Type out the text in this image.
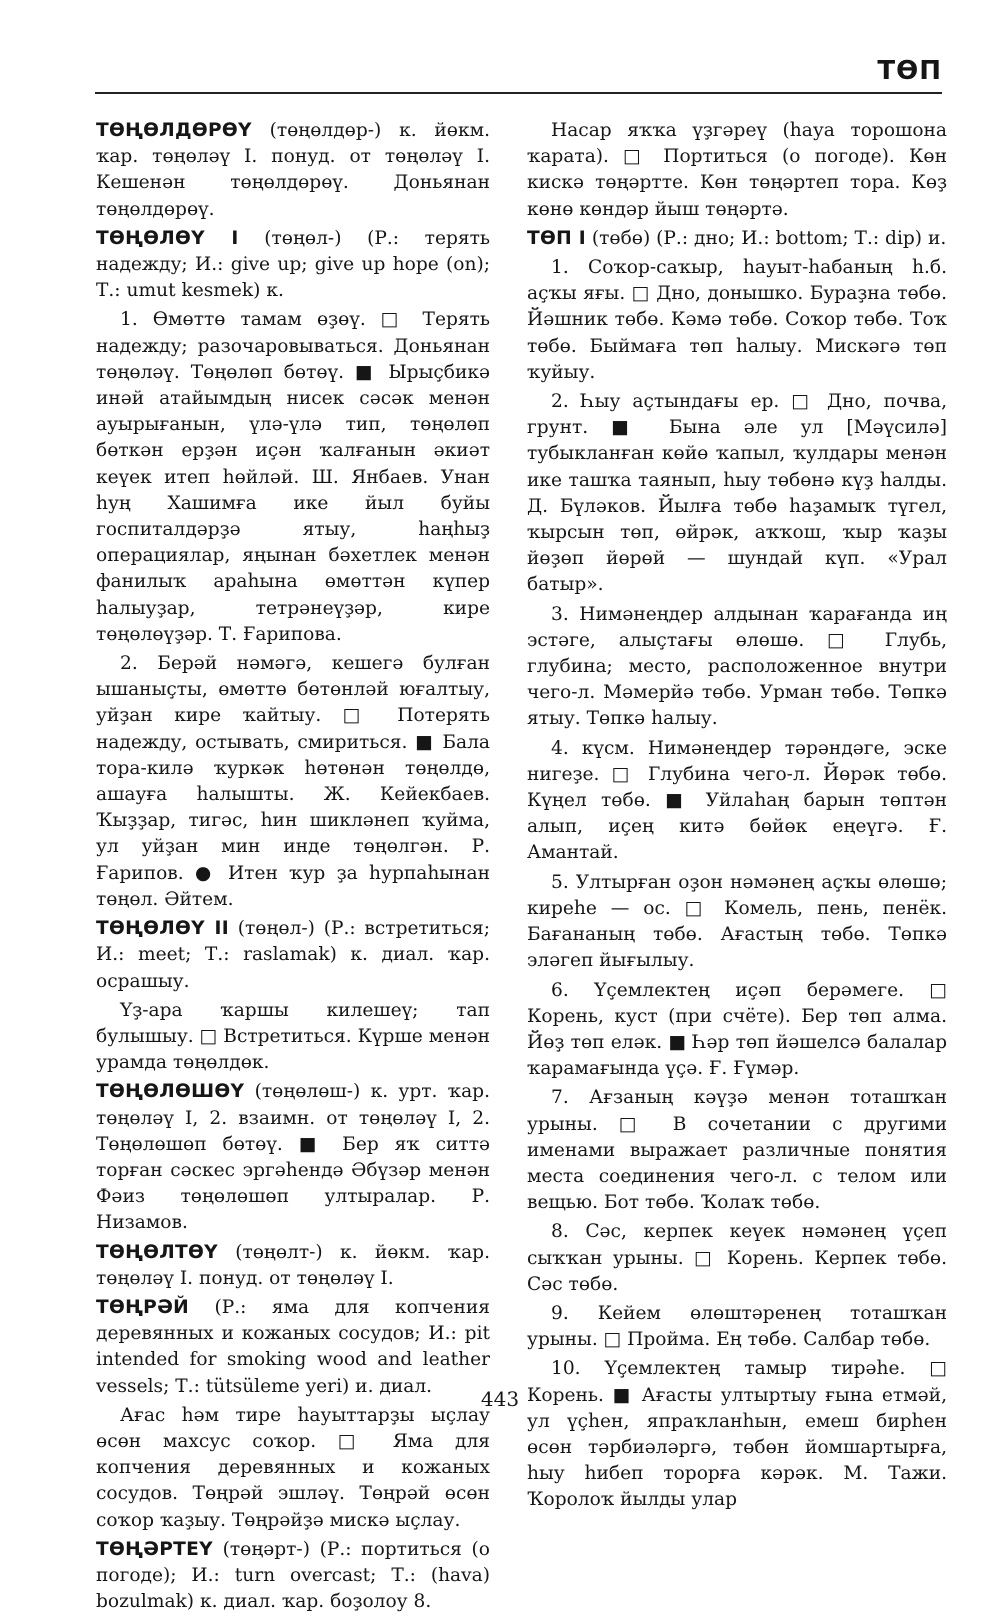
ТӨП

ТӨҢӨЛДӨРӨҮ (төңөлдөр-) к. йөкм. ҡар. төңөләү I. понуд. от төңөләү I. Кешенән төңөлдөрөү. Доньянан төңөлдөрөү.

ТӨҢӨЛӨҮ I (төңөл-) (Р.: терять надежду; И.: give up; give up hope (on); Т.: umut kesmek) к.

1. Өмөттө тамам өҙөү. □ Терять надежду; разочаровываться. Доньянан төңөләү. Төңөлөп бөтөү. ■ Ырыҫбикә инәй атайымдың нисек сәсәк менән ауырығанын, үлә-үлә тип, төңөлөп бөткән ерҙән иҫән ҡалғанын әкиәт кеүек итеп һөйләй. Ш. Янбаев. Унан һуң Хашимға ике йыл буйы госпиталдәрҙә ятыу, һаңһыҙ операциялар, яңынан бәхетлек менән фанилыҡ араһына өмөттән күпер һалыуҙар, тетрәнеүҙәр, кире төңөлөүҙәр. Т. Ғарипова.

2. Берәй нәмәгә, кешегә булған ышаныҫты, өмөттө бөтөнләй юғалтыу, уйҙан кире ҡайтыу. □ Потерять надежду, остывать, смириться. ■ Бала тора-килә ҡуркәк һөтөнән төңөлдө, ашауға һалышты. Ж. Кейекбаев. Ҡыҙҙар, тигәс, һин шикләнеп ҡуйма, ул уйҙан мин инде төңөлгән. Р. Ғарипов. ● Итен ҡур ҙа һурпаһынан төңөл. Әйтем.

ТӨҢӨЛӨҮ II (төңөл-) (Р.: встретиться; И.: meet; Т.: raslamak) к. диал. ҡар. осрашыу.

Үҙ-ара ҡаршы килешеү; тап булышыу. □ Встретиться. Күрше менән урамда төңөлдөк.

ТӨҢӨЛӨШӨҮ (төңөлөш-) к. урт. ҡар. төңөләү I, 2. взаимн. от төңөләү I, 2. Төңөлөшөп бөтөү. ■ Бер яҡ ситтә торған сәскес эргәһендә Әбүзәр менән Фәиз төңөлөшөп ултыралар. Р. Низамов.

ТӨҢӨЛТӨҮ (төңөлт-) к. йөкм. ҡар. төңөләү I. понуд. от төңөләү I.

ТӨҢРӘЙ (Р.: яма для копчения деревянных и кожаных сосудов; И.: pit intended for smoking wood and leather vessels; Т.: tütsüleme yeri) и. диал.

Ағас һәм тире һауыттарҙы ыҫлау өсөн махсус соҡор. □ Яма для копчения деревянных и кожаных сосудов. Төңрәй эшләү. Төңрәй өсөн соҡор ҡаҙыу. Төңрәйҙә мискә ыҫлау.

ТӨҢӘРТЕҮ (төңәрт-) (Р.: портиться (о погоде); И.: turn overcast; Т.: (hava) bozulmak) к. диал. ҡар. боҙолоу 8.

Насар яҡҡа үҙгәреү (һауа торошона ҡарата). □ Портиться (о погоде). Көн кискә төңәртте. Көн төңәртеп тора. Көҙ көнө көндәр йыш төңәртә.

ТӨП I (төбө) (Р.: дно; И.: bottom; Т.: dip) и.

1. Соҡор-саҡыр, һауыт-һабаның һ.б. аҫҡы яғы. □ Дно, донышко. Бураҙна төбө. Йәшник төбө. Кәмә төбө. Соҡор төбө. Тоҡ төбө. Быймаға төп һалыу. Мискәгә төп ҡуйыу.

2. Һыу аҫтындағы ер. □ Дно, почва, грунт. ■ Бына әле ул [Мәүсилә] тубыкланған көйө ҡапыл, ҡулдары менән ике ташҡа таянып, һыу төбөнә күҙ һалды. Д. Бүләков. Йылға төбө һаҙамыҡ түгел, ҡырсын төп, өйрәк, аҡҡош, ҡыр ҡаҙы йөҙөп йөрөй — шундай күп. «Урал батыр».

3. Нимәнеңдер алдынан ҡарағанда иң эстәге, алыҫтағы өлөшө. □ Глубь, глубина; место, расположенное внутри чего-л. Мәмерйә төбө. Урман төбө. Төпкә ятыу. Төпкә һалыу.

4. күсм. Нимәнеңдер тәрәндәге, эске нигеҙе. □ Глубина чего-л. Йөрәк төбө. Күңел төбө. ■ Уйлаһаң барын төптән алып, иҫең китә бөйөк еңеүгә. Ғ. Амантай.

5. Ултырған оҙон нәмәнең аҫҡы өлөшө; киреһе — ос. □ Комель, пень, пенёк. Бағананың төбө. Ағастың төбө. Төпкә эләгеп йығылыу.

6. Үҫемлектең иҫәп берәмеге. □ Корень, куст (при счёте). Бер төп алма. Йөҙ төп еләк. ■ Һәр төп йәшелсә балалар ҡарамағында үҫә. Ғ. Ғүмәр.

7. Ағзаның кәүҙә менән тоташҡан урыны. □ В сочетании с другими именами выражает различные понятия места соединения чего-л. с телом или вещью. Бот төбө. Ҡолаҡ төбө.

8. Сәс, керпек кеүек нәмәнең үҫеп сыҡҡан урыны. □ Корень. Керпек төбө. Сәс төбө.

9. Кейем өлөштәренең тоташҡан урыны. □ Пройма. Ең төбө. Салбар төбө.

10. Үҫемлектең тамыр тирәһе. □ Корень. ■ Ағасты ултыртыу ғына етмәй, ул үҫһен, япраҡланһын, емеш бирһен өсөн тәрбиәләргә, төбөн йомшартырға, һыу һибеп торорға кәрәк. М. Тажи. Ҡоролоҡ йылды улар

443
